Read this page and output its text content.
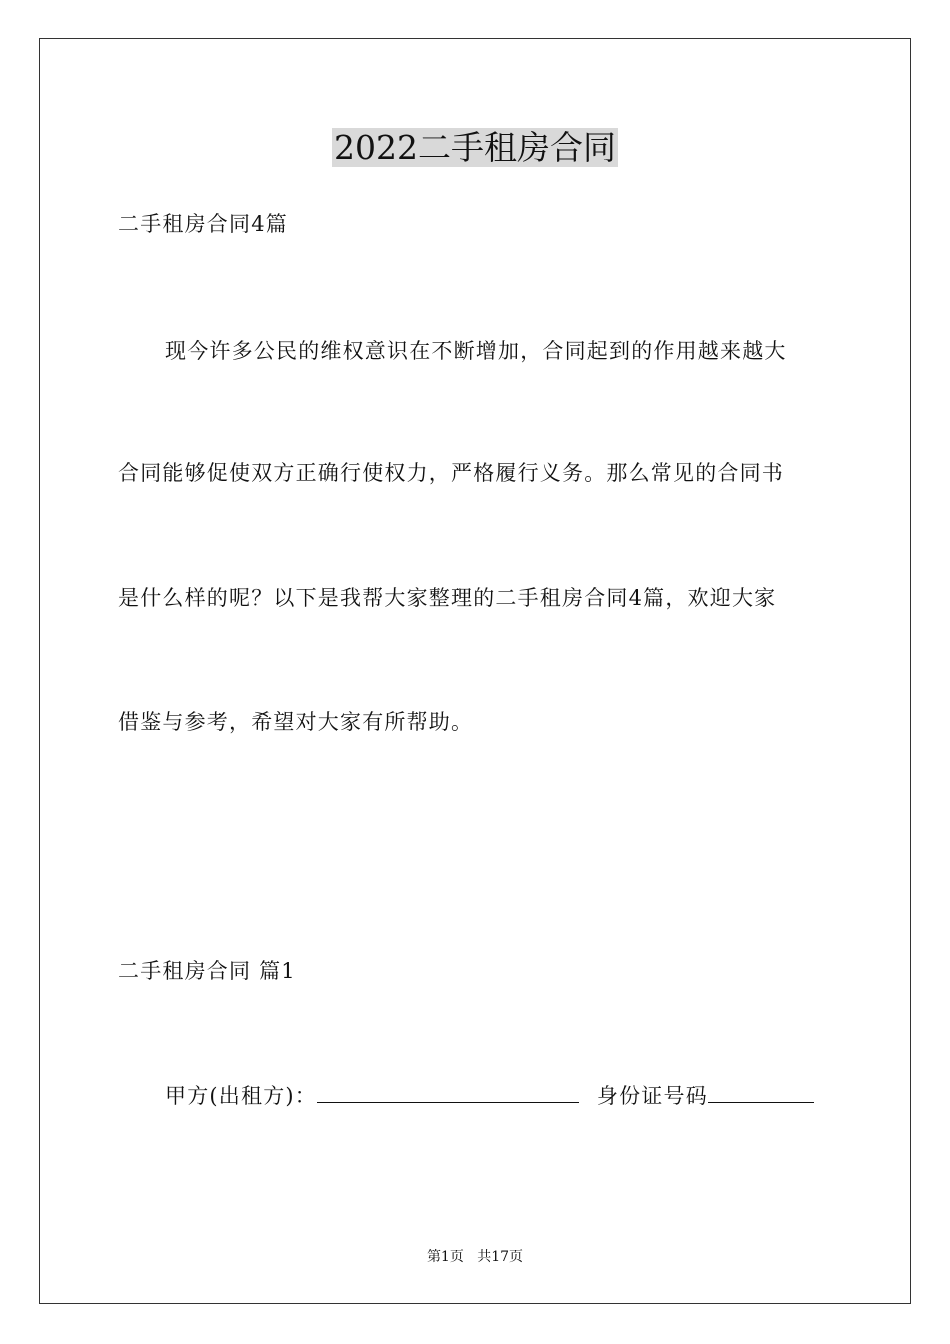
2022二手租房合同
二手租房合同4篇
现今许多公民的维权意识在不断增加，合同起到的作用越来越大
合同能够促使双方正确行使权力，严格履行义务。那么常见的合同书
是什么样的呢？以下是我帮大家整理的二手租房合同4篇，欢迎大家
借鉴与参考，希望对大家有所帮助。
二手租房合同 篇1
甲方(出租方)：	身份证号码
第1页 共17页
